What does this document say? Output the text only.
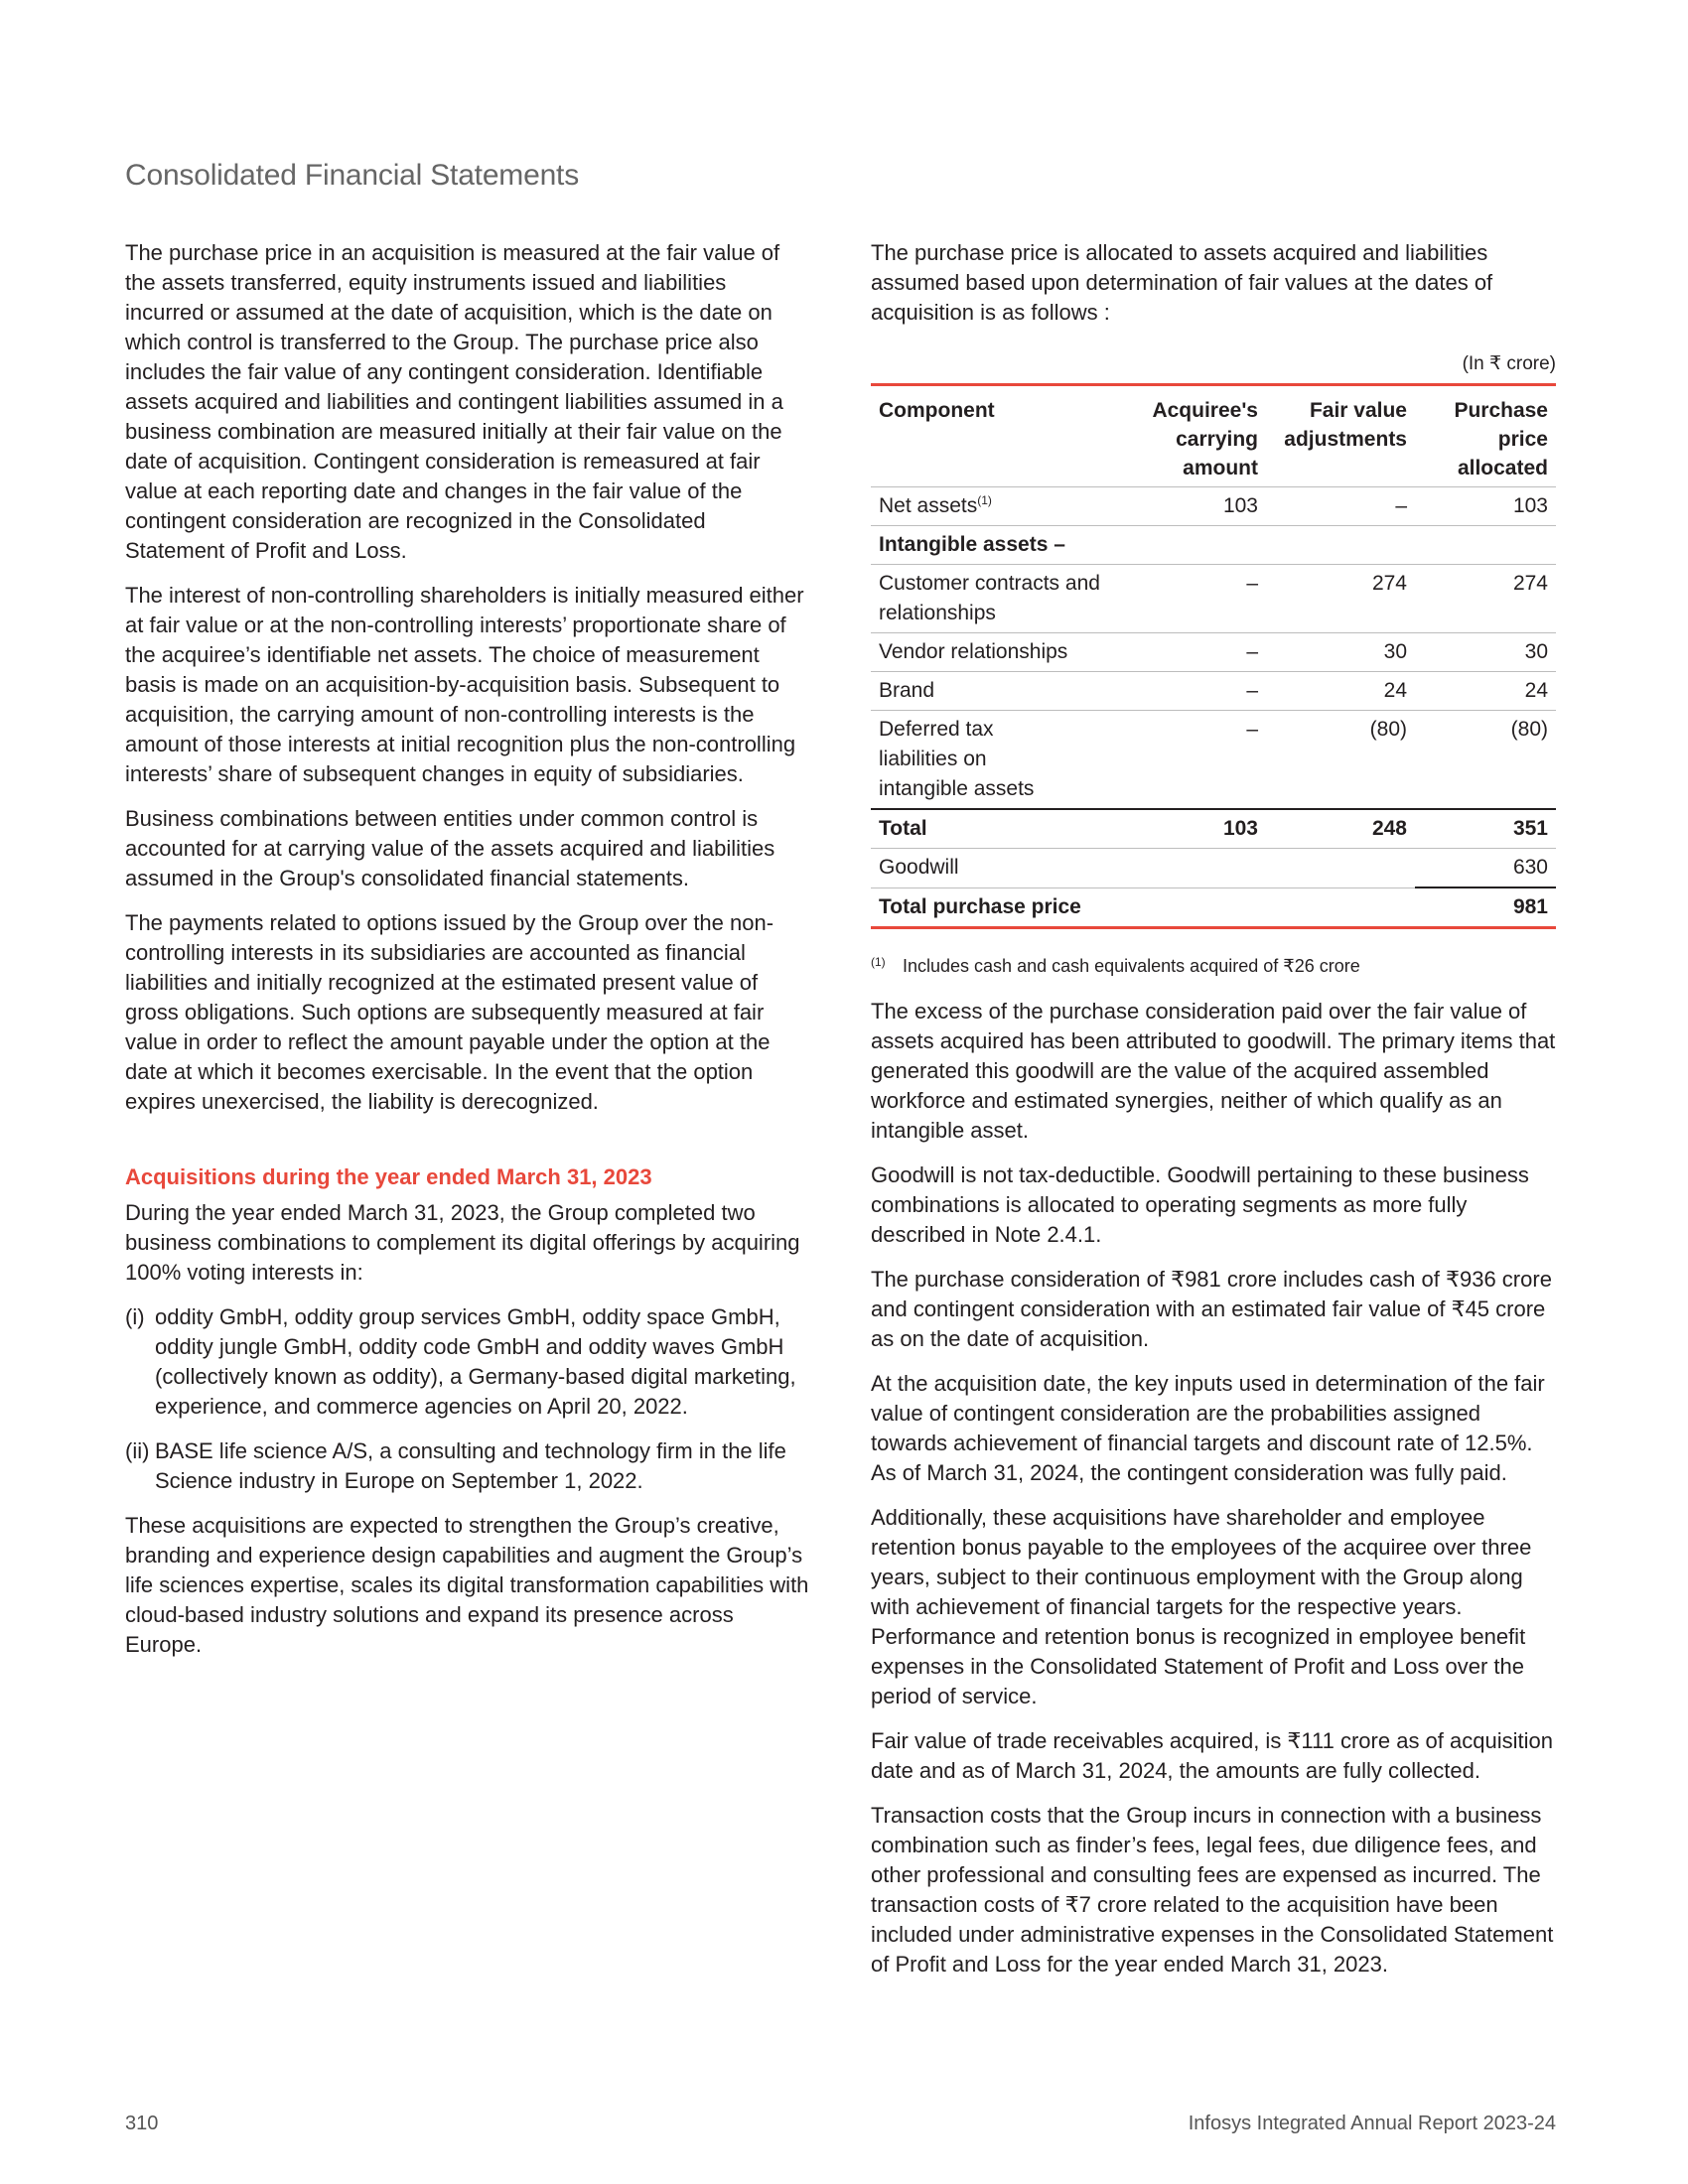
Consolidated Financial Statements

The purchase price in an acquisition is measured at the fair value of the assets transferred, equity instruments issued and liabilities incurred or assumed at the date of acquisition, which is the date on which control is transferred to the Group. The purchase price also includes the fair value of any contingent consideration. Identifiable assets acquired and liabilities and contingent liabilities assumed in a business combination are measured initially at their fair value on the date of acquisition. Contingent consideration is remeasured at fair value at each reporting date and changes in the fair value of the contingent consideration are recognized in the Consolidated Statement of Profit and Loss.

The interest of non-controlling shareholders is initially measured either at fair value or at the non-controlling interests’ proportionate share of the acquiree’s identifiable net assets. The choice of measurement basis is made on an acquisition-by-acquisition basis. Subsequent to acquisition, the carrying amount of non-controlling interests is the amount of those interests at initial recognition plus the non-controlling interests’ share of subsequent changes in equity of subsidiaries.

Business combinations between entities under common control is accounted for at carrying value of the assets acquired and liabilities assumed in the Group's consolidated financial statements.

The payments related to options issued by the Group over the non-controlling interests in its subsidiaries are accounted as financial liabilities and initially recognized at the estimated present value of gross obligations. Such options are subsequently measured at fair value in order to reflect the amount payable under the option at the date at which it becomes exercisable. In the event that the option expires unexercised, the liability is derecognized.

Acquisitions during the year ended March 31, 2023

During the year ended March 31, 2023, the Group completed two business combinations to complement its digital offerings by acquiring 100% voting interests in:

(i) oddity GmbH, oddity group services GmbH, oddity space GmbH, oddity jungle GmbH, oddity code GmbH and oddity waves GmbH (collectively known as oddity), a Germany-based digital marketing, experience, and commerce agencies on April 20, 2022.
(ii) BASE life science A/S, a consulting and technology firm in the life Science industry in Europe on September 1, 2022.

These acquisitions are expected to strengthen the Group’s creative, branding and experience design capabilities and augment the Group’s life sciences expertise, scales its digital transformation capabilities with cloud-based industry solutions and expand its presence across Europe.

The purchase price is allocated to assets acquired and liabilities assumed based upon determination of fair values at the dates of acquisition is as follows :

(In ₹ crore)
Component	Acquiree's carrying amount	Fair value adjustments	Purchase price allocated
Net assets$^{(1)}$	103	–	103
Intangible assets –			
Customer contracts and relationships	–	274	274
Vendor relationships	–	30	30
Brand	–	24	24
Deferred tax liabilities on intangible assets	–	(80)	(80)
Total	103	248	351
Goodwill			630
Total purchase price			981
(1) Includes cash and cash equivalents acquired of ₹26 crore

The excess of the purchase consideration paid over the fair value of assets acquired has been attributed to goodwill. The primary items that generated this goodwill are the value of the acquired assembled workforce and estimated synergies, neither of which qualify as an intangible asset.

Goodwill is not tax-deductible. Goodwill pertaining to these business combinations is allocated to operating segments as more fully described in Note 2.4.1.

The purchase consideration of ₹981 crore includes cash of ₹936 crore and contingent consideration with an estimated fair value of ₹45 crore as on the date of acquisition.

At the acquisition date, the key inputs used in determination of the fair value of contingent consideration are the probabilities assigned towards achievement of financial targets and discount rate of 12.5%. As of March 31, 2024, the contingent consideration was fully paid.

Additionally, these acquisitions have shareholder and employee retention bonus payable to the employees of the acquiree over three years, subject to their continuous employment with the Group along with achievement of financial targets for the respective years. Performance and retention bonus is recognized in employee benefit expenses in the Consolidated Statement of Profit and Loss over the period of service.

Fair value of trade receivables acquired, is ₹111 crore as of acquisition date and as of March 31, 2024, the amounts are fully collected.

Transaction costs that the Group incurs in connection with a business combination such as finder’s fees, legal fees, due diligence fees, and other professional and consulting fees are expensed as incurred. The transaction costs of ₹7 crore related to the acquisition have been included under administrative expenses in the Consolidated Statement of Profit and Loss for the year ended March 31, 2023.

310	Infosys Integrated Annual Report 2023-24
